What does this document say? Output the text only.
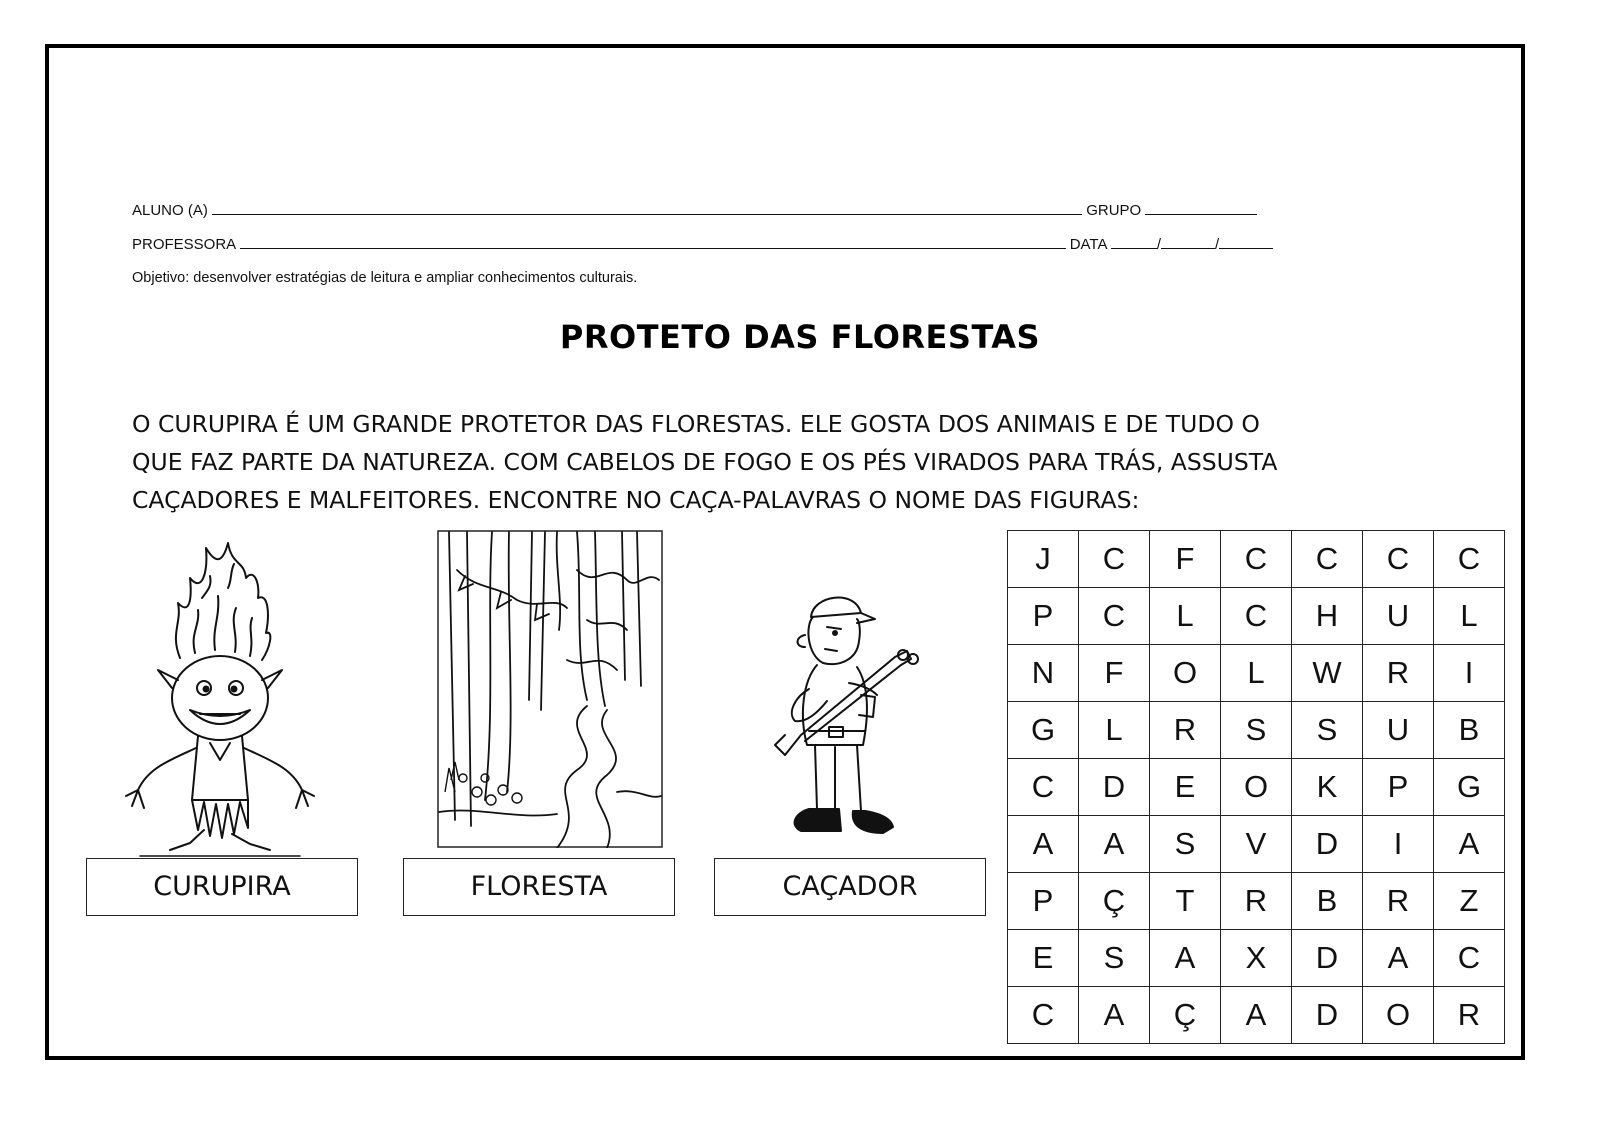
ALUNO (A)	GRUPO
PROFESSORA	DATA	/	/
Objetivo: desenvolver estratégias de leitura e ampliar conhecimentos culturais.
PROTETO DAS FLORESTAS
O CURUPIRA É UM GRANDE PROTETOR DAS FLORESTAS. ELE GOSTA DOS ANIMAIS E DE TUDO O
QUE FAZ PARTE DA NATUREZA. COM CABELOS DE FOGO E OS PÉS VIRADOS PARA TRÁS, ASSUSTA
CAÇADORES E MALFEITORES. ENCONTRE NO CAÇA-PALAVRAS O NOME DAS FIGURAS:
CURUPIRA	FLORESTA	CAÇADOR
J	C	F	C	C	C	C
P	C	L	C	H	U	L
N	F	O	L	W	R	I
G	L	R	S	S	U	B
C	D	E	O	K	P	G
A	A	S	V	D	I	A
P	Ç	T	R	B	R	Z
E	S	A	X	D	A	C
C	A	Ç	A	D	O	R
